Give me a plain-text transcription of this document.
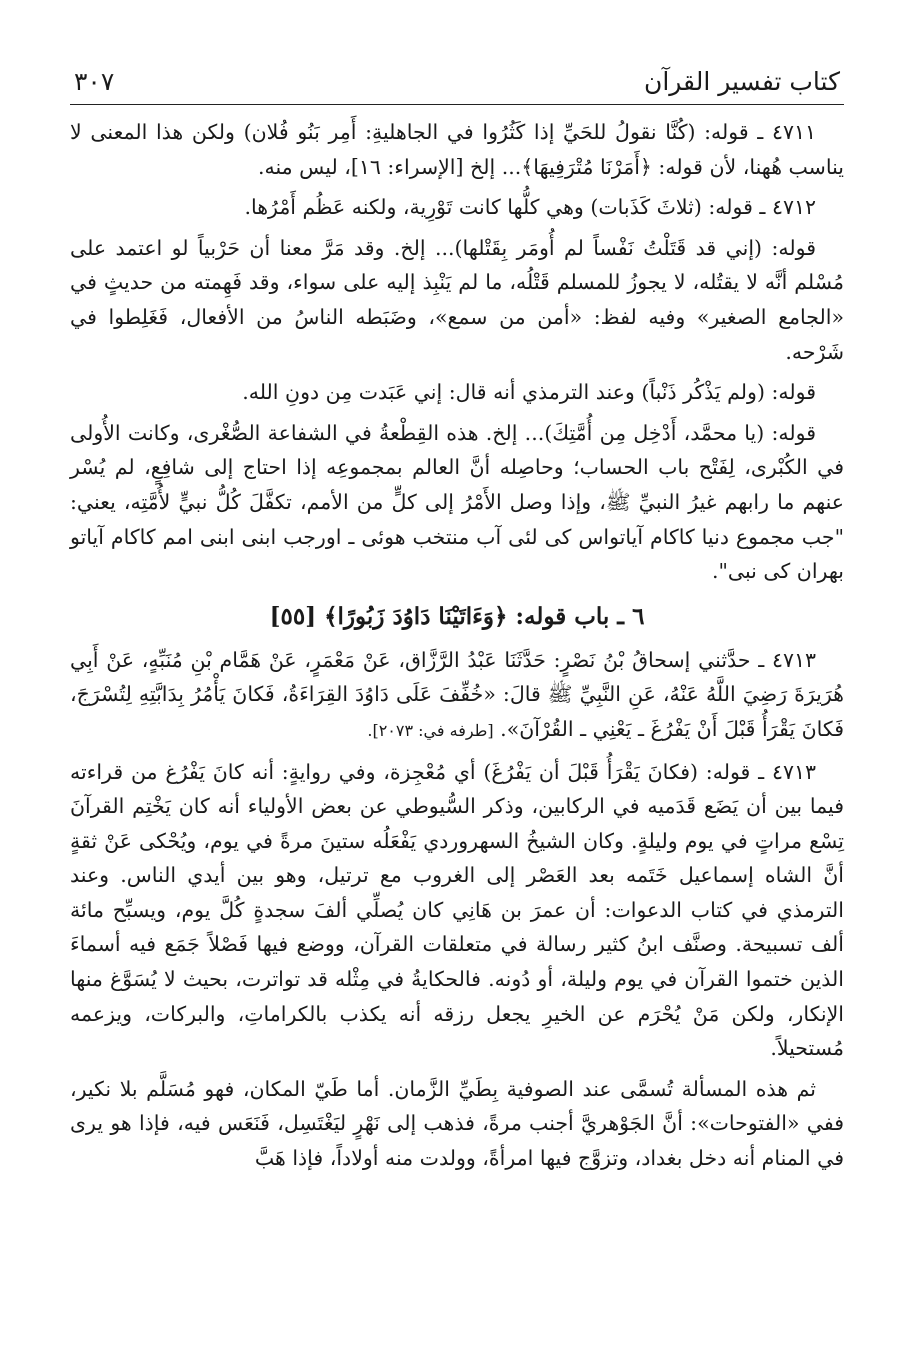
كتاب تفسير القرآن
٣٠٧

٤٧١١ ـ قوله: (كُنَّا نقولُ للحَيِّ إذا كَثُرُوا في الجاهليةِ: أَمِر بَنُو فُلان) ولكن هذا المعنى لا يناسب هُهنا، لأن قوله: ﴿أَمَرْنَا مُتْرَفِيهَا﴾... إلخ [الإسراء: ١٦]، ليس منه.

٤٧١٢ ـ قوله: (ثلاثَ كَذَبات) وهي كلُّها كانت تَوْرِية، ولكنه عَظُم أَمْرُها.

قوله: (إني قد قَتَلْتُ نَفْساً لم أُومَر بِقَتْلها)... إلخ. وقد مَرَّ معنا أن حَرْبياً لو اعتمد على مُسْلم أنَّه لا يقتُله، لا يجوزُ للمسلم قَتْلُه، ما لم يَنْبِذ إليه على سواء، وقد فَهِمته من حديثٍ في «الجامع الصغير» وفيه لفظ: «أمن من سمع»، وضَبَطه الناسُ من الأفعال، فَغَلِطوا في شَرْحه.

قوله: (ولم يَذْكُر ذَنْباً) وعند الترمذي أنه قال: إني عَبَدت مِن دونِ الله.

قوله: (يا محمَّد، أَدْخِل مِن أُمَّتِكَ)... إلخ. هذه القِطْعةُ في الشفاعة الصُّغْرى، وكانت الأُولى في الكُبْرى، لِفَتْح باب الحساب؛ وحاصِله أنَّ العالم بمجموعِه إذا احتاج إلى شافِعٍ، لم يُسْر عنهم ما رابهم غيرُ النبيِّ ﷺ، وإذا وصل الأَمْرُ إلى كلٍّ من الأمم، تكفَّلَ كُلُّ نبيٍّ لأُمَّتِه، يعني: "جب مجموع دنيا كاكام آياتواس كى لئى آب منتخب هوئى ـ اورجب ابنى ابنى امم كاكام آياتو بهران كى نبى".

٦ ـ باب قوله: ﴿وَءَاتَيْنَا دَاوُدَ زَبُورًا﴾ [٥٥]

٤٧١٣ ـ حدَّثني إسحاقُ بْنُ نَصْرٍ: حَدَّثَنَا عَبْدُ الرَّزَّاق، عَنْ مَعْمَرٍ، عَنْ هَمَّام بْنِ مُنَبِّهٍ، عَنْ أَبِي هُرَيرَةَ رَضِيَ اللَّهُ عَنْهُ، عَنِ النَّبِيِّ ﷺ قالَ: «خُفِّفَ عَلَى دَاوُدَ القِرَاءَةُ، فَكانَ يَأْمُرُ بِدَابَّتِهِ لِتُسْرَجَ، فَكانَ يَقْرَأُ قَبْلَ أَنْ يَفْرُغَ ـ يَعْنِي ـ القُرْآنَ». [طرفه في: ٢٠٧٣].

٤٧١٣ ـ قوله: (فكانَ يَقْرَأُ قَبْلَ أن يَفْرُغَ) أي مُعْجِزة، وفي روايةٍ: أنه كانَ يَفْرُغ من قراءته فيما بين أن يَضَع قَدَميه في الركابين، وذكر السُّيوطي عن بعض الأولياء أنه كان يَخْتِم القرآنَ تِسْع مراتٍ في يوم وليلةٍ. وكان الشيخُ السهروردي يَفْعَلُه ستينَ مرةً في يوم، ويُحْكى عَنْ ثقةٍ أنَّ الشاه إسماعيل خَتَمه بعد العَصْر إلى الغروب مع ترتيل، وهو بين أيدي الناس. وعند الترمذي في كتاب الدعوات: أن عمرَ بن هَانِي كان يُصلِّي ألفَ سجدةٍ كُلَّ يوم، ويسبِّح مائة ألف تسبيحة. وصنَّف ابنُ كثير رسالة في متعلقات القرآن، ووضع فيها فَصْلاً جَمَع فيه أسماءَ الذين ختموا القرآن في يوم وليلة، أو دُونه. فالحكايةُ في مِثْله قد تواترت، بحيث لا يُسَوَّغ منها الإنكار، ولكن مَنْ يُحْرَم عن الخيرِ يجعل رزقه أنه يكذب بالكراماتِ، والبركات، ويزعمه مُستحيلاً.

ثم هذه المسألة تُسمَّى عند الصوفية بِطَيِّ الزَّمان. أما طَيّ المكان، فهو مُسَلَّم بلا نكير، ففي «الفتوحات»: أنَّ الجَوْهريَّ أجنب مرةً، فذهب إلى نَهْرٍ ليَغْتَسِل، فَنَعَس فيه، فإذا هو يرى في المنام أنه دخل بغداد، وتزوَّج فيها امرأةً، وولدت منه أولاداً، فإذا هَبَّ
